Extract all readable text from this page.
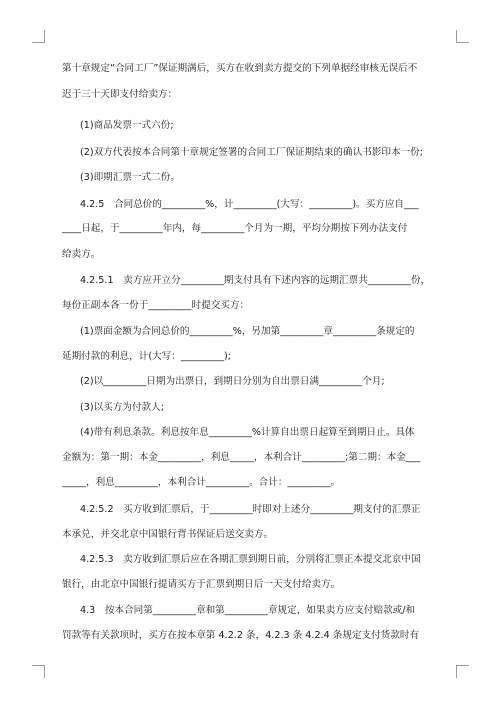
第十章规定“合同工厂”保证期满后，买方在收到卖方提交的下列单据经审核无误后不
迟于三十天即支付给卖方：
(1)商品发票一式六份;
(2)双方代表按本合同第十章规定签署的合同工厂保证期结束的确认书影印本一份;
(3)即期汇票一式二份。
4.2.5　合同总价的_________%，计_________(大写：_________)。买方应自___
____日起，于_________年内，每_________个月为一期，平均分期按下列办法支付
给卖方。
4.2.5.1　卖方应开立分_________期支付具有下述内容的远期汇票共_________份，
每份正副本各一份于_________时提交买方：
(1)票面金额为合同总价的_________%，另加第_________章_________条规定的
延期付款的利息，计(大写：_________);
(2)以_________日期为出票日，到期日分别为自出票日满_________个月;
(3)以买方为付款人;
(4)带有利息条款。利息按年息_________%计算自出票日起算至到期日止。具体
金额为：第一期：本金_________，利息_____，本利合计_________;第二期：本金___
_____，利息_________，本利合计_________。合计：_________。
4.2.5.2　买方收到汇票后，于_________时即对上述分_________期支付的汇票正
本承兑，并交北京中国银行背书保证后送交卖方。
4.2.5.3　卖方收到汇票后应在各期汇票到期日前，分别将汇票正本提交北京中国
银行，由北京中国银行提请买方于汇票到期日后一天支付给卖方。
4.3　按本合同第_________章和第_________章规定，如果卖方应支付赔款或/和
罚款等有关款项时，买方在按本章第 4.2.2 条，4.2.3 条 4.2.4 条规定支付货款时有
